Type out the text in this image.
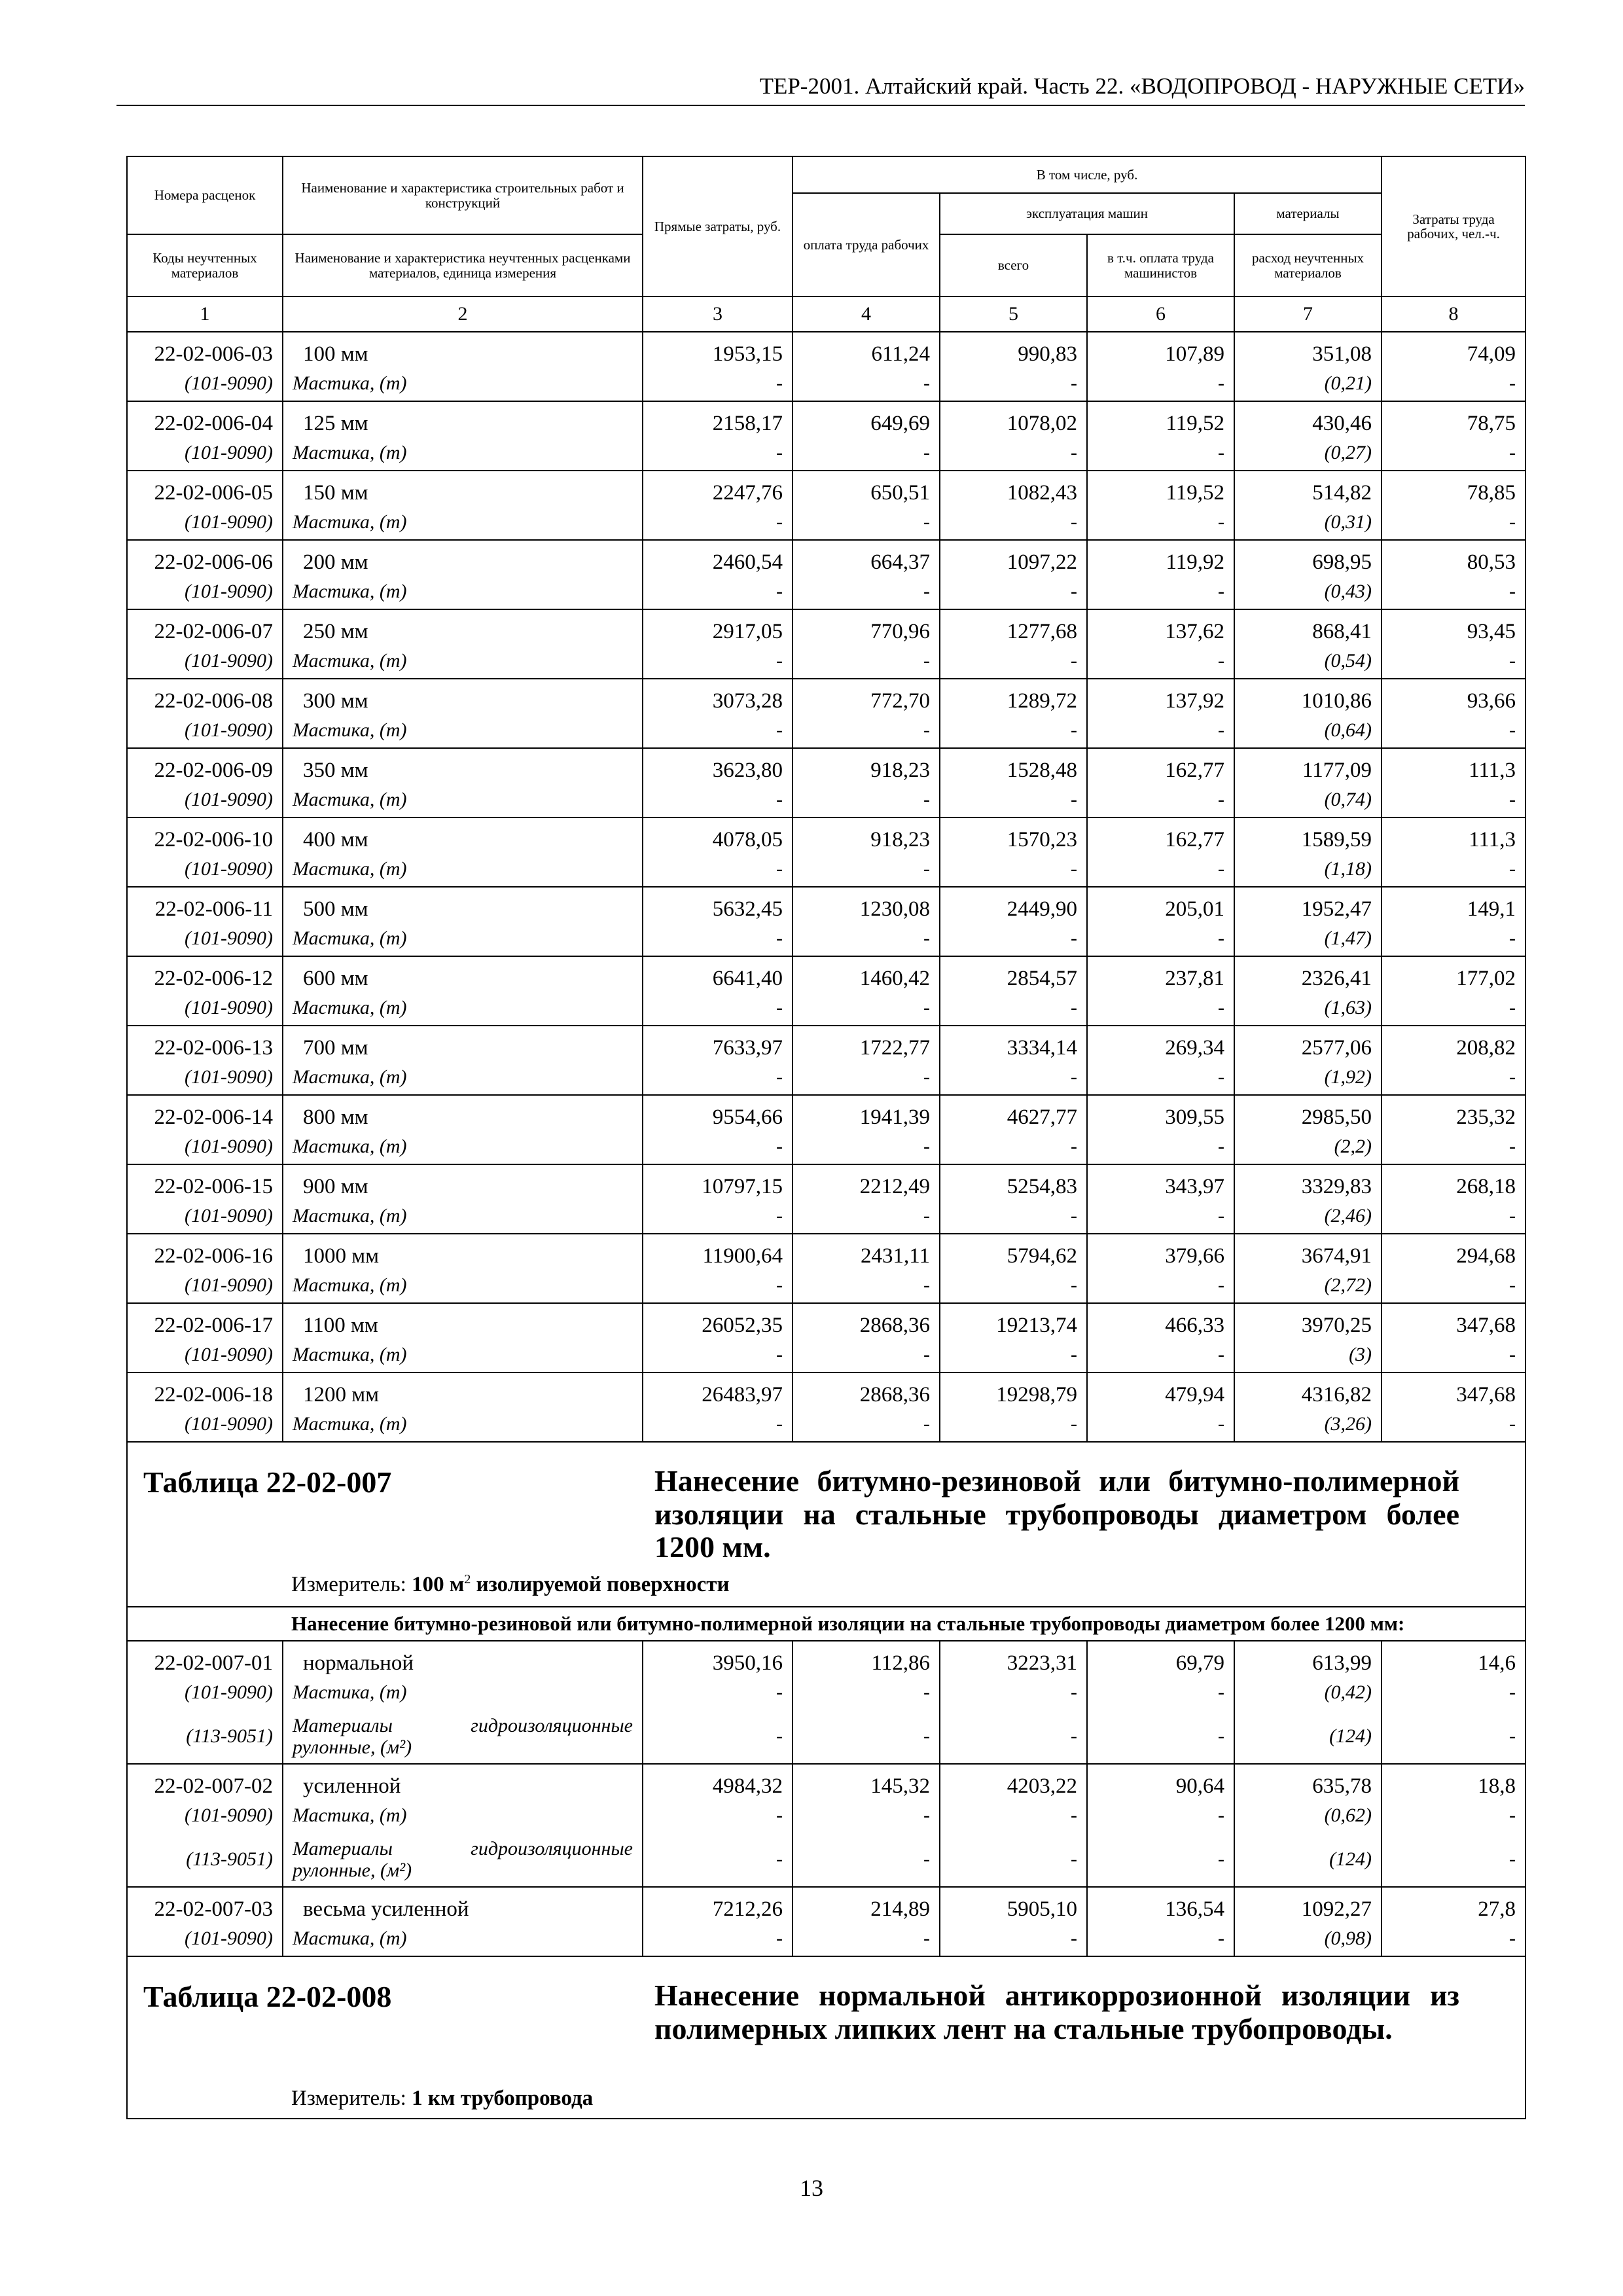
ТЕР-2001. Алтайский край. Часть 22. «ВОДОПРОВОД - НАРУЖНЫЕ СЕТИ»
Номера расценок	Наименование и характеристика строительных работ и конструкций	Прямые затраты, руб.	В том числе, руб.				Затраты труда рабочих, чел.-ч.
			оплата труда рабочих	эксплуатация машин		материалы	
Коды неучтенных материалов	Наименование и характеристика неучтенных расценками материалов, единица измерения			всего	в т.ч. оплата труда машинистов	расход неучтенных материалов	
1	2	3	4	5	6	7	8
22-02-006-03	100 мм	1953,15	611,24	990,83	107,89	351,08	74,09
(101-9090)	Мастика, (т)	-	-	-	-	(0,21)	-
22-02-006-04	125 мм	2158,17	649,69	1078,02	119,52	430,46	78,75
(101-9090)	Мастика, (т)	-	-	-	-	(0,27)	-
22-02-006-05	150 мм	2247,76	650,51	1082,43	119,52	514,82	78,85
(101-9090)	Мастика, (т)	-	-	-	-	(0,31)	-
22-02-006-06	200 мм	2460,54	664,37	1097,22	119,92	698,95	80,53
(101-9090)	Мастика, (т)	-	-	-	-	(0,43)	-
22-02-006-07	250 мм	2917,05	770,96	1277,68	137,62	868,41	93,45
(101-9090)	Мастика, (т)	-	-	-	-	(0,54)	-
22-02-006-08	300 мм	3073,28	772,70	1289,72	137,92	1010,86	93,66
(101-9090)	Мастика, (т)	-	-	-	-	(0,64)	-
22-02-006-09	350 мм	3623,80	918,23	1528,48	162,77	1177,09	111,3
(101-9090)	Мастика, (т)	-	-	-	-	(0,74)	-
22-02-006-10	400 мм	4078,05	918,23	1570,23	162,77	1589,59	111,3
(101-9090)	Мастика, (т)	-	-	-	-	(1,18)	-
22-02-006-11	500 мм	5632,45	1230,08	2449,90	205,01	1952,47	149,1
(101-9090)	Мастика, (т)	-	-	-	-	(1,47)	-
22-02-006-12	600 мм	6641,40	1460,42	2854,57	237,81	2326,41	177,02
(101-9090)	Мастика, (т)	-	-	-	-	(1,63)	-
22-02-006-13	700 мм	7633,97	1722,77	3334,14	269,34	2577,06	208,82
(101-9090)	Мастика, (т)	-	-	-	-	(1,92)	-
22-02-006-14	800 мм	9554,66	1941,39	4627,77	309,55	2985,50	235,32
(101-9090)	Мастика, (т)	-	-	-	-	(2,2)	-
22-02-006-15	900 мм	10797,15	2212,49	5254,83	343,97	3329,83	268,18
(101-9090)	Мастика, (т)	-	-	-	-	(2,46)	-
22-02-006-16	1000 мм	11900,64	2431,11	5794,62	379,66	3674,91	294,68
(101-9090)	Мастика, (т)	-	-	-	-	(2,72)	-
22-02-006-17	1100 мм	26052,35	2868,36	19213,74	466,33	3970,25	347,68
(101-9090)	Мастика, (т)	-	-	-	-	(3)	-
22-02-006-18	1200 мм	26483,97	2868,36	19298,79	479,94	4316,82	347,68
(101-9090)	Мастика, (т)	-	-	-	-	(3,26)	-

Таблица 22-02-007 Нанесение битумно-резиновой или битумно-полимерной изоляции на стальные трубопроводы диаметром более 1200 мм.
Измеритель: 100 $м^2$ изолируемой поверхности							

Нанесение битумно-резиновой или битумно-полимерной изоляции на стальные трубопроводы диаметром более 1200 мм:							
22-02-007-01	нормальной	3950,16	112,86	3223,31	69,79	613,99	14,6
(101-9090)	Мастика, (т)	-	-	-	-	(0,42)	-
(113-9051)	Материалы гидроизоляционные рулонные, (м²)	-	-	-	-	(124)	-
22-02-007-02	усиленной	4984,32	145,32	4203,22	90,64	635,78	18,8
(101-9090)	Мастика, (т)	-	-	-	-	(0,62)	-
(113-9051)	Материалы гидроизоляционные рулонные, (м²)	-	-	-	-	(124)	-
22-02-007-03	весьма усиленной	7212,26	214,89	5905,10	136,54	1092,27	27,8
(101-9090)	Мастика, (т)	-	-	-	-	(0,98)	-

Таблица 22-02-008 Нанесение нормальной антикоррозионной изоляции из полимерных липких лент на стальные трубопроводы.
Измеритель: 1 км трубопровода							
13
